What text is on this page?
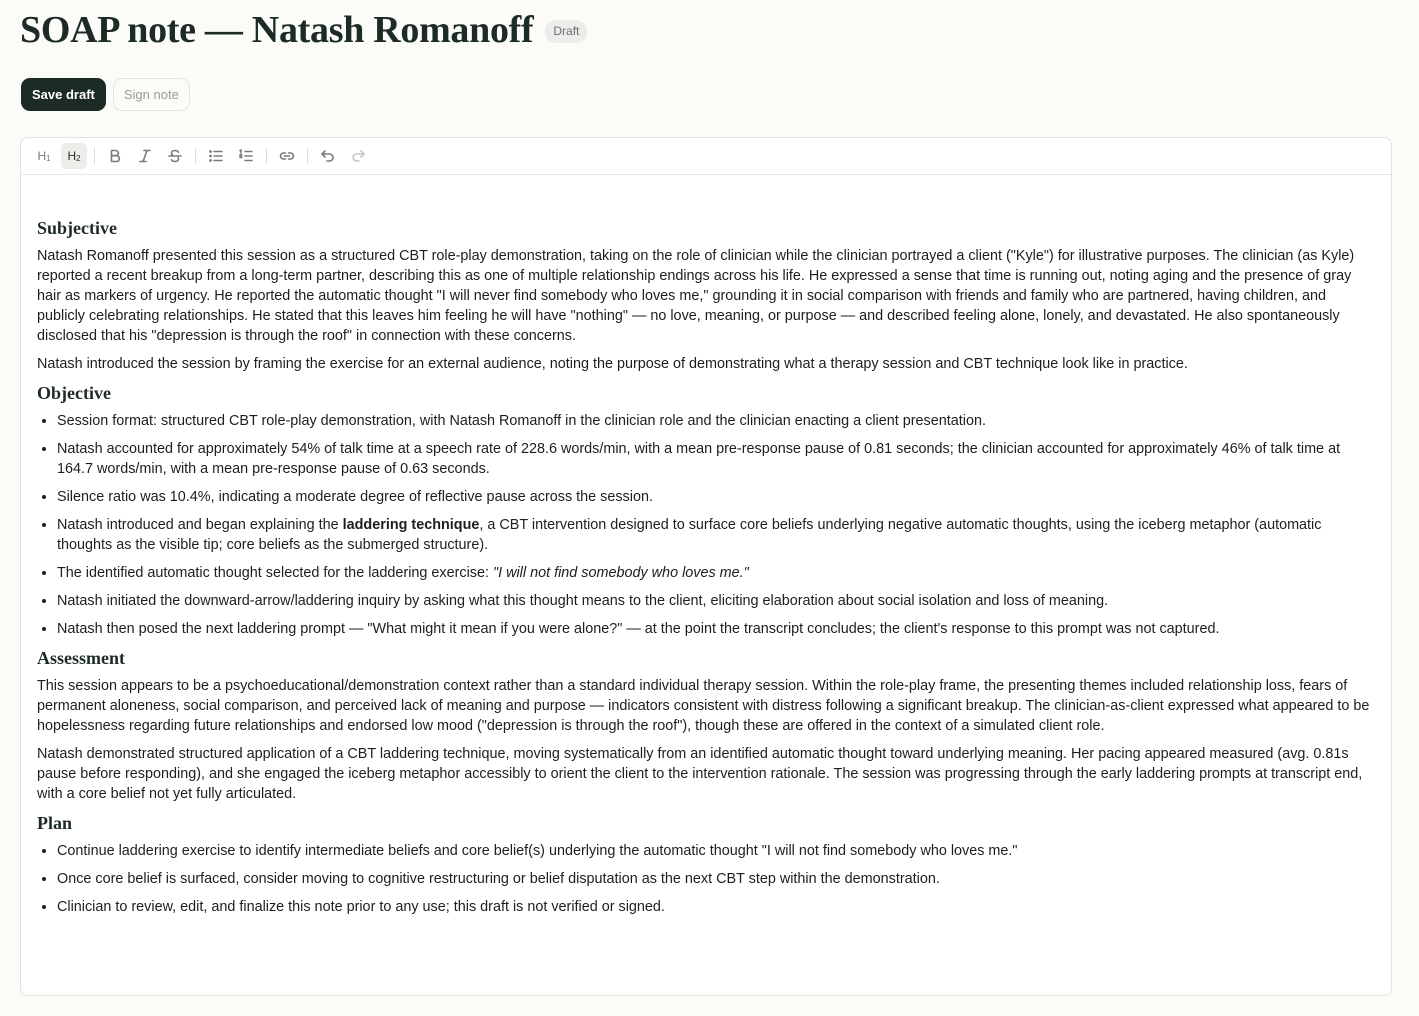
SOAP note — Natash Romanoff	Draft
Save draft	Sign note
$H_1$ $H_2$
Subjective

Natash Romanoff presented this session as a structured CBT role-play demonstration, taking on the role of clinician while the clinician portrayed a client ("Kyle") for illustrative purposes. The clinician (as Kyle) reported a recent breakup from a long-term partner, describing this as one of multiple relationship endings across his life. He expressed a sense that time is running out, noting aging and the presence of gray hair as markers of urgency. He reported the automatic thought "I will never find somebody who loves me," grounding it in social comparison with friends and family who are partnered, having children, and publicly celebrating relationships. He stated that this leaves him feeling he will have "nothing" — no love, meaning, or purpose — and described feeling alone, lonely, and devastated. He also spontaneously disclosed that his "depression is through the roof" in connection with these concerns.

Natash introduced the session by framing the exercise for an external audience, noting the purpose of demonstrating what a therapy session and CBT technique look like in practice.

Objective
• Session format: structured CBT role-play demonstration, with Natash Romanoff in the clinician role and the clinician enacting a client presentation.
• Natash accounted for approximately 54% of talk time at a speech rate of 228.6 words/min, with a mean pre-response pause of 0.81 seconds; the clinician accounted for approximately 46% of talk time at 164.7 words/min, with a mean pre-response pause of 0.63 seconds.
• Silence ratio was 10.4%, indicating a moderate degree of reflective pause across the session.
• Natash introduced and began explaining the laddering technique, a CBT intervention designed to surface core beliefs underlying negative automatic thoughts, using the iceberg metaphor (automatic thoughts as the visible tip; core beliefs as the submerged structure).
• The identified automatic thought selected for the laddering exercise: "I will not find somebody who loves me."
• Natash initiated the downward-arrow/laddering inquiry by asking what this thought means to the client, eliciting elaboration about social isolation and loss of meaning.
• Natash then posed the next laddering prompt — "What might it mean if you were alone?" — at the point the transcript concludes; the client's response to this prompt was not captured.
Assessment

This session appears to be a psychoeducational/demonstration context rather than a standard individual therapy session. Within the role-play frame, the presenting themes included relationship loss, fears of permanent aloneness, social comparison, and perceived lack of meaning and purpose — indicators consistent with distress following a significant breakup. The clinician-as-client expressed what appeared to be hopelessness regarding future relationships and endorsed low mood ("depression is through the roof"), though these are offered in the context of a simulated client role.

Natash demonstrated structured application of a CBT laddering technique, moving systematically from an identified automatic thought toward underlying meaning. Her pacing appeared measured (avg. 0.81s pause before responding), and she engaged the iceberg metaphor accessibly to orient the client to the intervention rationale. The session was progressing through the early laddering prompts at transcript end, with a core belief not yet fully articulated.

Plan
• Continue laddering exercise to identify intermediate beliefs and core belief(s) underlying the automatic thought "I will not find somebody who loves me."
• Once core belief is surfaced, consider moving to cognitive restructuring or belief disputation as the next CBT step within the demonstration.
• Clinician to review, edit, and finalize this note prior to any use; this draft is not verified or signed.
